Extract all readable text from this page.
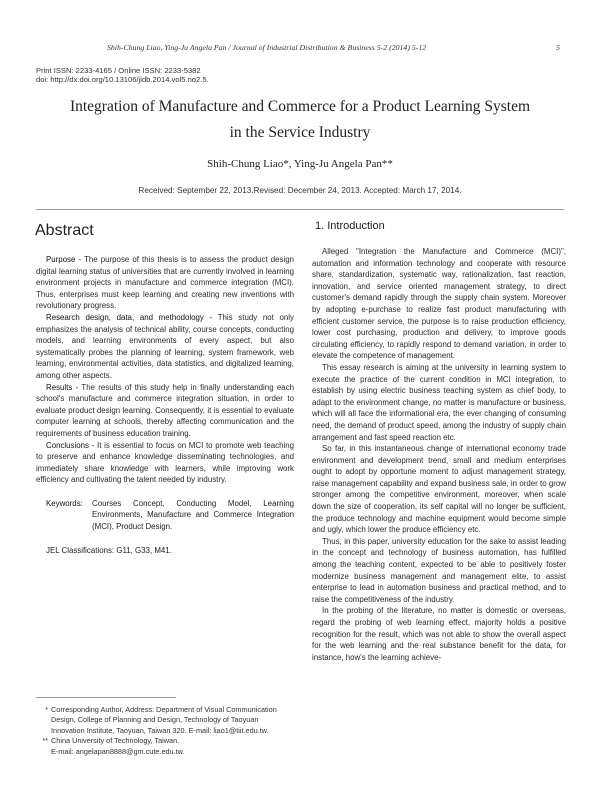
Shih-Chung Liao, Ying-Ju Angela Pan / Journal of Industrial Distribution & Business 5-2 (2014) 5-12	5
Print ISSN: 2233-4165 / Online ISSN: 2233-5382
doi: http://dx.doi.org/10.13106/jidb.2014.vol5.no2.5.
Integration of Manufacture and Commerce for a Product Learning System
in the Service Industry
Shih-Chung Liao*, Ying-Ju Angela Pan**
Received: September 22, 2013.Revised: December 24, 2013. Accepted: March 17, 2014.
Abstract

Purpose - The purpose of this thesis is to assess the product design digital learning status of universities that are currently involved in learning environment projects in manufacture and commerce integration (MCI). Thus, enterprises must keep learning and creating new inventions with revolutionary progress.

Research design, data, and methodology - This study not only emphasizes the analysis of technical ability, course concepts, conducting models, and learning environments of every aspect, but also systematically probes the planning of learning, system framework, web learning, environmental activities, data statistics, and digitalized learning, among other aspects.

Results - The results of this study help in finally understanding each school's manufacture and commerce integration situation, in order to evaluate product design learning. Consequently, it is essential to evaluate computer learning at schools, thereby affecting communication and the requirements of business education training.

Conclusions - It is essential to focus on MCI to promote web teaching to preserve and enhance knowledge disseminating technologies, and immediately share knowledge with learners, while improving work efficiency and cultivating the talent needed by industry.

Keywords:	Courses Concept, Conducting Model, Learning Environments, Manufacture and Commerce Integration (MCI), Product Design.
JEL Classifications: G11, G33, M41.
* Corresponding Author, Address: Department of Visual Communication Design, College of Planning and Design, Technology of Taoyuan Innovation Institute, Taoyuan, Taiwan 320. E-mail: liao1@tiit.edu.tw.
** China University of Technology, Taiwan.
E-mail: angelapan8888@gm.cute.edu.tw.
1. Introduction

Alleged "Integration the Manufacture and Commerce (MCI)", automation and information technology and cooperate with resource share, standardization, systematic way, rationalization, fast reaction, innovation, and service oriented management strategy, to direct customer's demand rapidly through the supply chain system. Moreover by adopting e-purchase to realize fast product manufacturing with efficient customer service, the purpose is to raise production efficiency, lower cost purchasing, production and delivery, to improve goods circulating efficiency, to rapidly respond to demand variation, in order to elevate the competence of management.

This essay research is aiming at the university in learning system to execute the practice of the current condition in MCI integration, to establish by using electric business teaching system as chief body, to adapt to the environment change, no matter is manufacture or business, which will all face the informational era, the ever changing of consuming need, the demand of product speed, among the industry of supply chain arrangement and fast speed reaction etc.

So far, in this instantaneous change of international economy trade environment and development trend, small and medium enterprises ought to adopt by opportune moment to adjust management strategy, raise management capability and expand business sale, in order to grow stronger among the competitive environment, moreover, when scale down the size of cooperation, its self capital will no longer be sufficient, the produce technology and machine equipment would become simple and ugly, which lower the produce efficiency etc.

Thus, in this paper, university education for the sake to assist leading in the concept and technology of business automation, has fulfilled among the teaching content, expected to be able to positively foster modernize business management and management elite, to assist enterprise to lead in automation business and practical method, and to raise the competitiveness of the industry.

In the probing of the literature, no matter is domestic or overseas, regard the probing of web learning effect, majority holds a positive recognition for the result, which was not able to show the overall aspect for the web learning and the real substance benefit for the data, for instance, how's the learning achieve-
